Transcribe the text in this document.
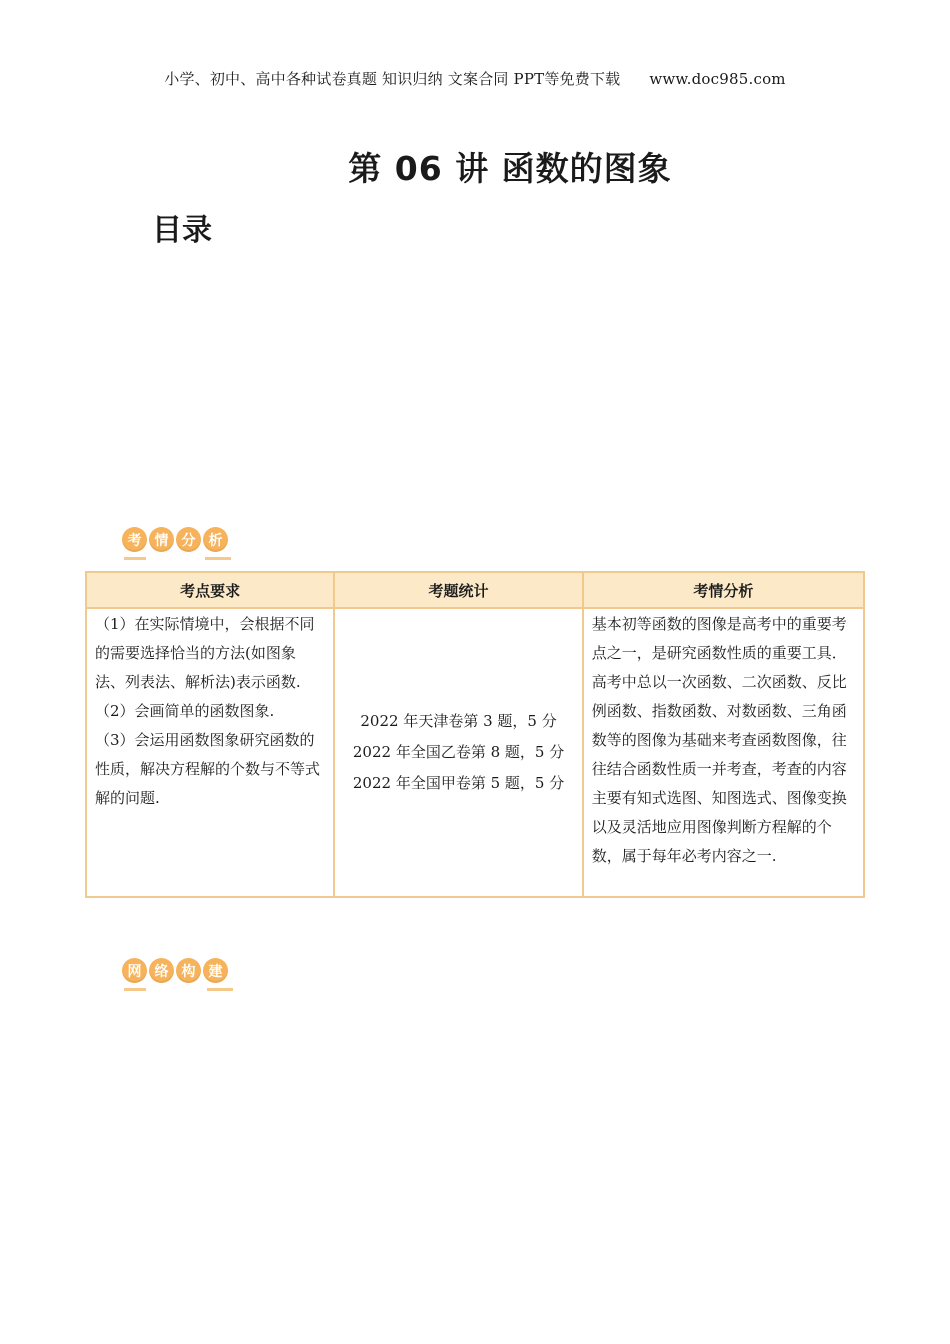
小学、初中、高中各种试卷真题 知识归纳 文案合同 PPT等免费下载 www.doc985.com
第 06 讲 函数的图象
目录
考 情 分 析
考点要求	考题统计	考情分析

（1）在实际情境中，会根据不同的需要选择恰当的方法(如图象法、列表法、解析法)表示函数.
（2）会画简单的函数图象.
（3）会运用函数图象研究函数的性质，解决方程解的个数与不等式解的问题.	2022 年天津卷第 3 题，5 分
2022 年全国乙卷第 8 题，5 分
2022 年全国甲卷第 5 题，5 分	基本初等函数的图像是高考中的重要考点之一，是研究函数性质的重要工具．高考中总以一次函数、二次函数、反比例函数、指数函数、对数函数、三角函数等的图像为基础来考查函数图像，往往结合函数性质一并考查，考查的内容主要有知式选图、知图选式、图像变换以及灵活地应用图像判断方程解的个数，属于每年必考内容之一.
网 络 构 建
